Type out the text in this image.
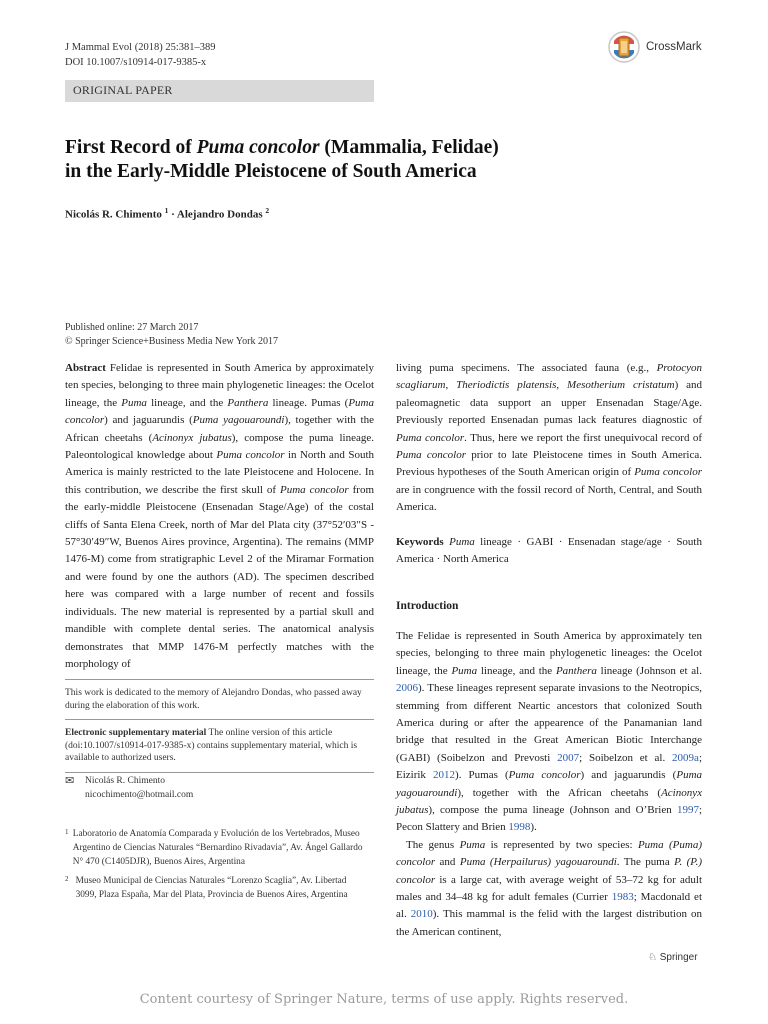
J Mammal Evol (2018) 25:381–389
DOI 10.1007/s10914-017-9385-x
ORIGINAL PAPER
CrossMark
First Record of Puma concolor (Mammalia, Felidae)
in the Early-Middle Pleistocene of South America
Nicolás R. Chimento $^1$ · Alejandro Dondas $^2$
Published online: 27 March 2017
© Springer Science+Business Media New York 2017

Abstract Felidae is represented in South America by approximately ten species, belonging to three main phylogenetic lineages: the Ocelot lineage, the Puma lineage, and the Panthera lineage. Pumas (Puma concolor) and jaguarundis (Puma yagouaroundi), together with the African cheetahs (Acinonyx jubatus), compose the puma lineage. Paleontological knowledge about Puma concolor in North and South America is mainly restricted to the late Pleistocene and Holocene. In this contribution, we describe the first skull of Puma concolor from the early-middle Pleistocene (Ensenadan Stage/Age) of the costal cliffs of Santa Elena Creek, north of Mar del Plata city (37°52′03″S - 57°30′49″W, Buenos Aires province, Argentina). The remains (MMP 1476-M) come from stratigraphic Level 2 of the Miramar Formation and were found by one the authors (AD). The specimen described here was compared with a large number of recent and fossils individuals. The new material is represented by a partial skull and mandible with complete dental series. The anatomical analysis demonstrates that MMP 1476-M perfectly matches with the morphology of

This work is dedicated to the memory of Alejandro Dondas, who passed away during the elaboration of this work.
Electronic supplementary material The online version of this article (doi:10.1007/s10914-017-9385-x) contains supplementary material, which is available to authorized users.
✉	Nicolás R. Chimento
nicochimento@hotmail.com
1 Laboratorio de Anatomía Comparada y Evolución de los Vertebrados, Museo Argentino de Ciencias Naturales “Bernardino Rivadavia”, Av. Ángel Gallardo N° 470 (C1405DJR), Buenos Aires, Argentina
2 Museo Municipal de Ciencias Naturales “Lorenzo Scaglia”, Av. Libertad 3099, Plaza España, Mar del Plata, Provincia de Buenos Aires, Argentina

living puma specimens. The associated fauna (e.g., Protocyon scagliarum, Theriodictis platensis, Mesotherium cristatum) and paleomagnetic data support an upper Ensenadan Stage/Age. Previously reported Ensenadan pumas lack features diagnostic of Puma concolor. Thus, here we report the first unequivocal record of Puma concolor prior to late Pleistocene times in South America. Previous hypotheses of the South American origin of Puma concolor are in congruence with the fossil record of North, Central, and South America.

Keywords Puma lineage · GABI · Ensenadan stage/age · South America · North America

Introduction

The Felidae is represented in South America by approximately ten species, belonging to three main phylogenetic lineages: the Ocelot lineage, the Puma lineage, and the Panthera lineage (Johnson et al. 2006). These lineages represent separate invasions to the Neotropics, stemming from different Neartic ancestors that colonized South America during or after the appearence of the Panamanian land bridge that resulted in the Great American Biotic Interchange (GABI) (Soibelzon and Prevosti 2007; Soibelzon et al. 2009a; Eizirik 2012). Pumas (Puma concolor) and jaguarundis (Puma yagouaroundi), together with the African cheetahs (Acinonyx jubatus), compose the puma lineage (Johnson and O’Brien 1997; Pecon Slattery and Brien 1998).

The genus Puma is represented by two species: Puma (Puma) concolor and Puma (Herpailurus) yagouaroundi. The puma P. (P.) concolor is a large cat, with average weight of 53–72 kg for adult males and 34–48 kg for adult females (Currier 1983; Macdonald et al. 2010). This mammal is the felid with the largest distribution on the American continent,

♘ Springer
Content courtesy of Springer Nature, terms of use apply. Rights reserved.
